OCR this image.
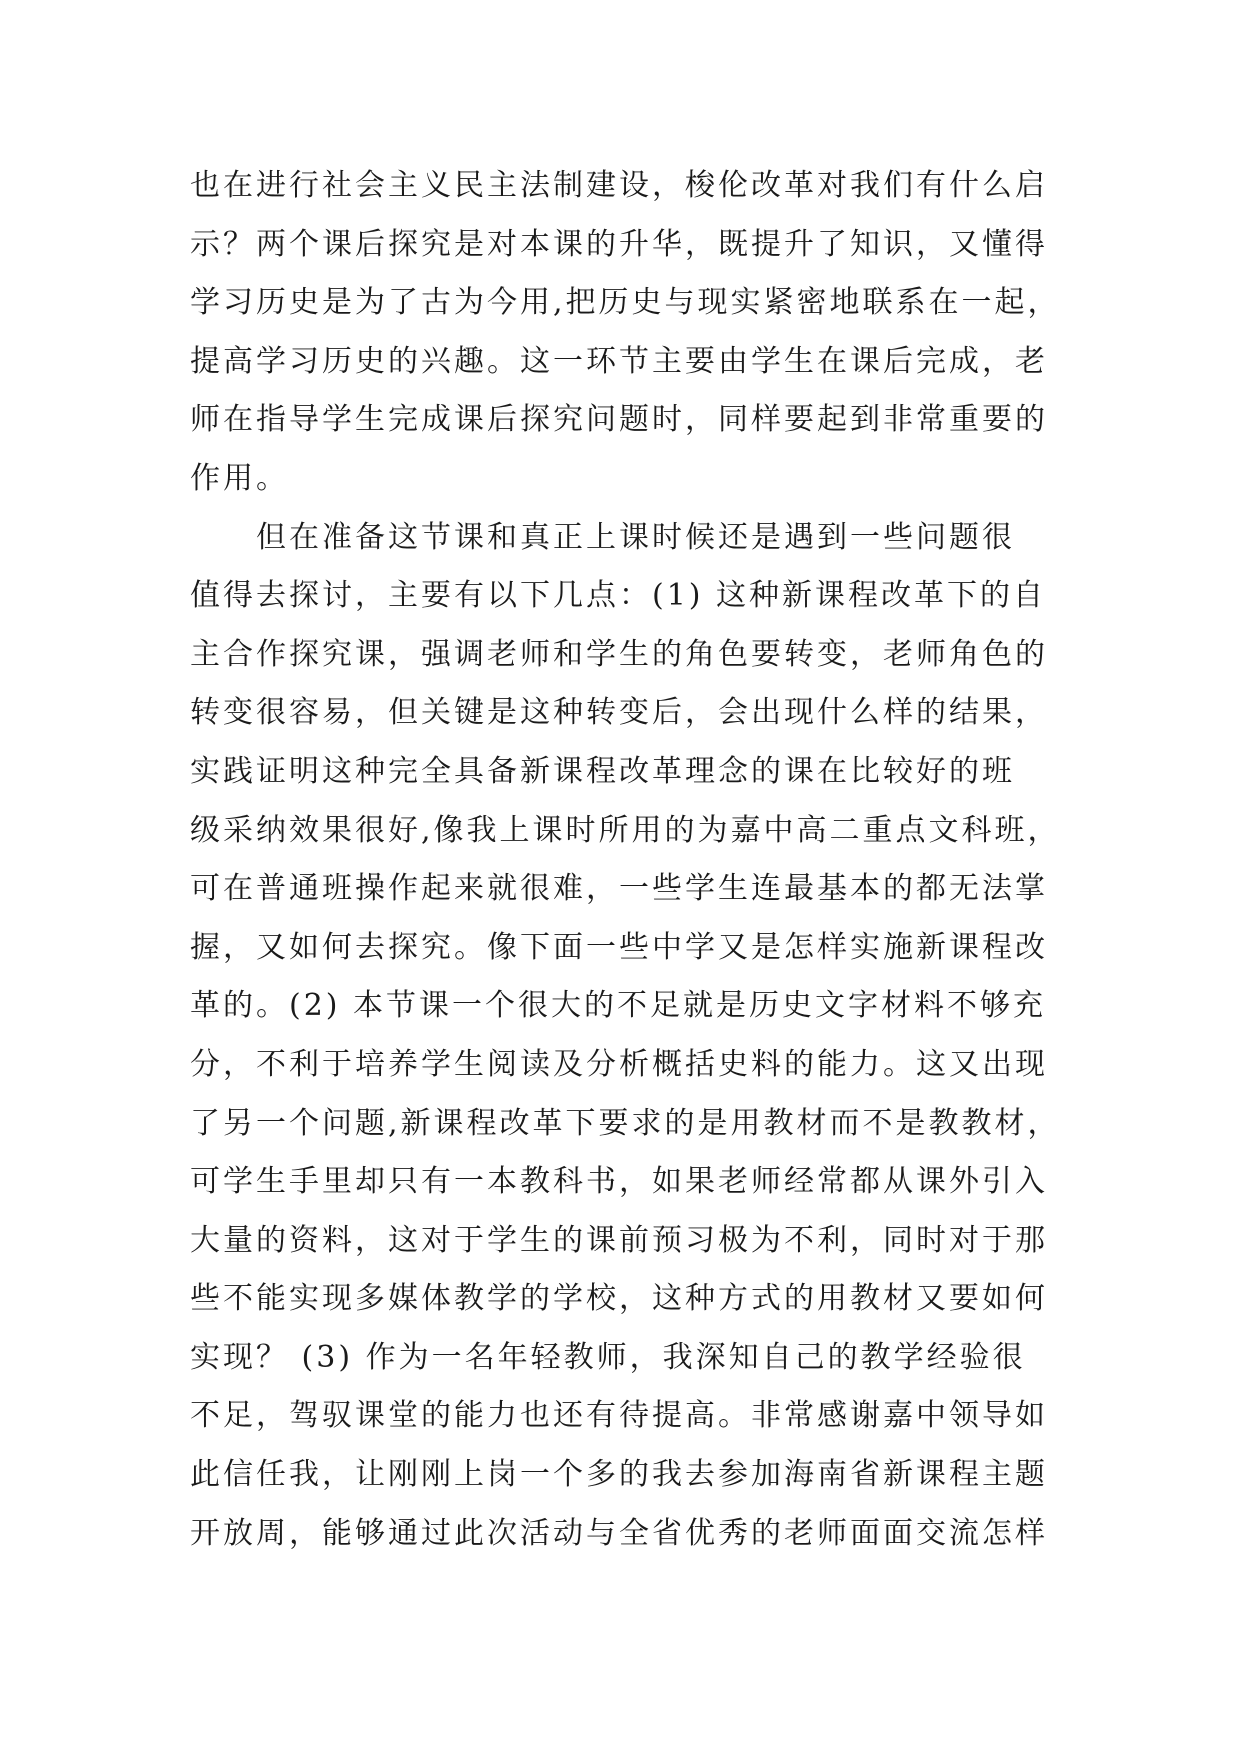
也在进行社会主义民主法制建设，梭伦改革对我们有什么启
示？两个课后探究是对本课的升华，既提升了知识，又懂得
学习历史是为了古为今用,把历史与现实紧密地联系在一起，
提高学习历史的兴趣。这一环节主要由学生在课后完成，老
师在指导学生完成课后探究问题时，同样要起到非常重要的
作用。
但在准备这节课和真正上课时候还是遇到一些问题很
值得去探讨，主要有以下几点：(1) 这种新课程改革下的自
主合作探究课，强调老师和学生的角色要转变，老师角色的
转变很容易，但关键是这种转变后，会出现什么样的结果，
实践证明这种完全具备新课程改革理念的课在比较好的班
级采纳效果很好,像我上课时所用的为嘉中高二重点文科班，
可在普通班操作起来就很难，一些学生连最基本的都无法掌
握，又如何去探究。像下面一些中学又是怎样实施新课程改
革的。(2) 本节课一个很大的不足就是历史文字材料不够充
分，不利于培养学生阅读及分析概括史料的能力。这又出现
了另一个问题,新课程改革下要求的是用教材而不是教教材，
可学生手里却只有一本教科书，如果老师经常都从课外引入
大量的资料，这对于学生的课前预习极为不利，同时对于那
些不能实现多媒体教学的学校，这种方式的用教材又要如何
实现？ (3) 作为一名年轻教师，我深知自己的教学经验很
不足，驾驭课堂的能力也还有待提高。非常感谢嘉中领导如
此信任我，让刚刚上岗一个多的我去参加海南省新课程主题
开放周，能够通过此次活动与全省优秀的老师面面交流怎样
